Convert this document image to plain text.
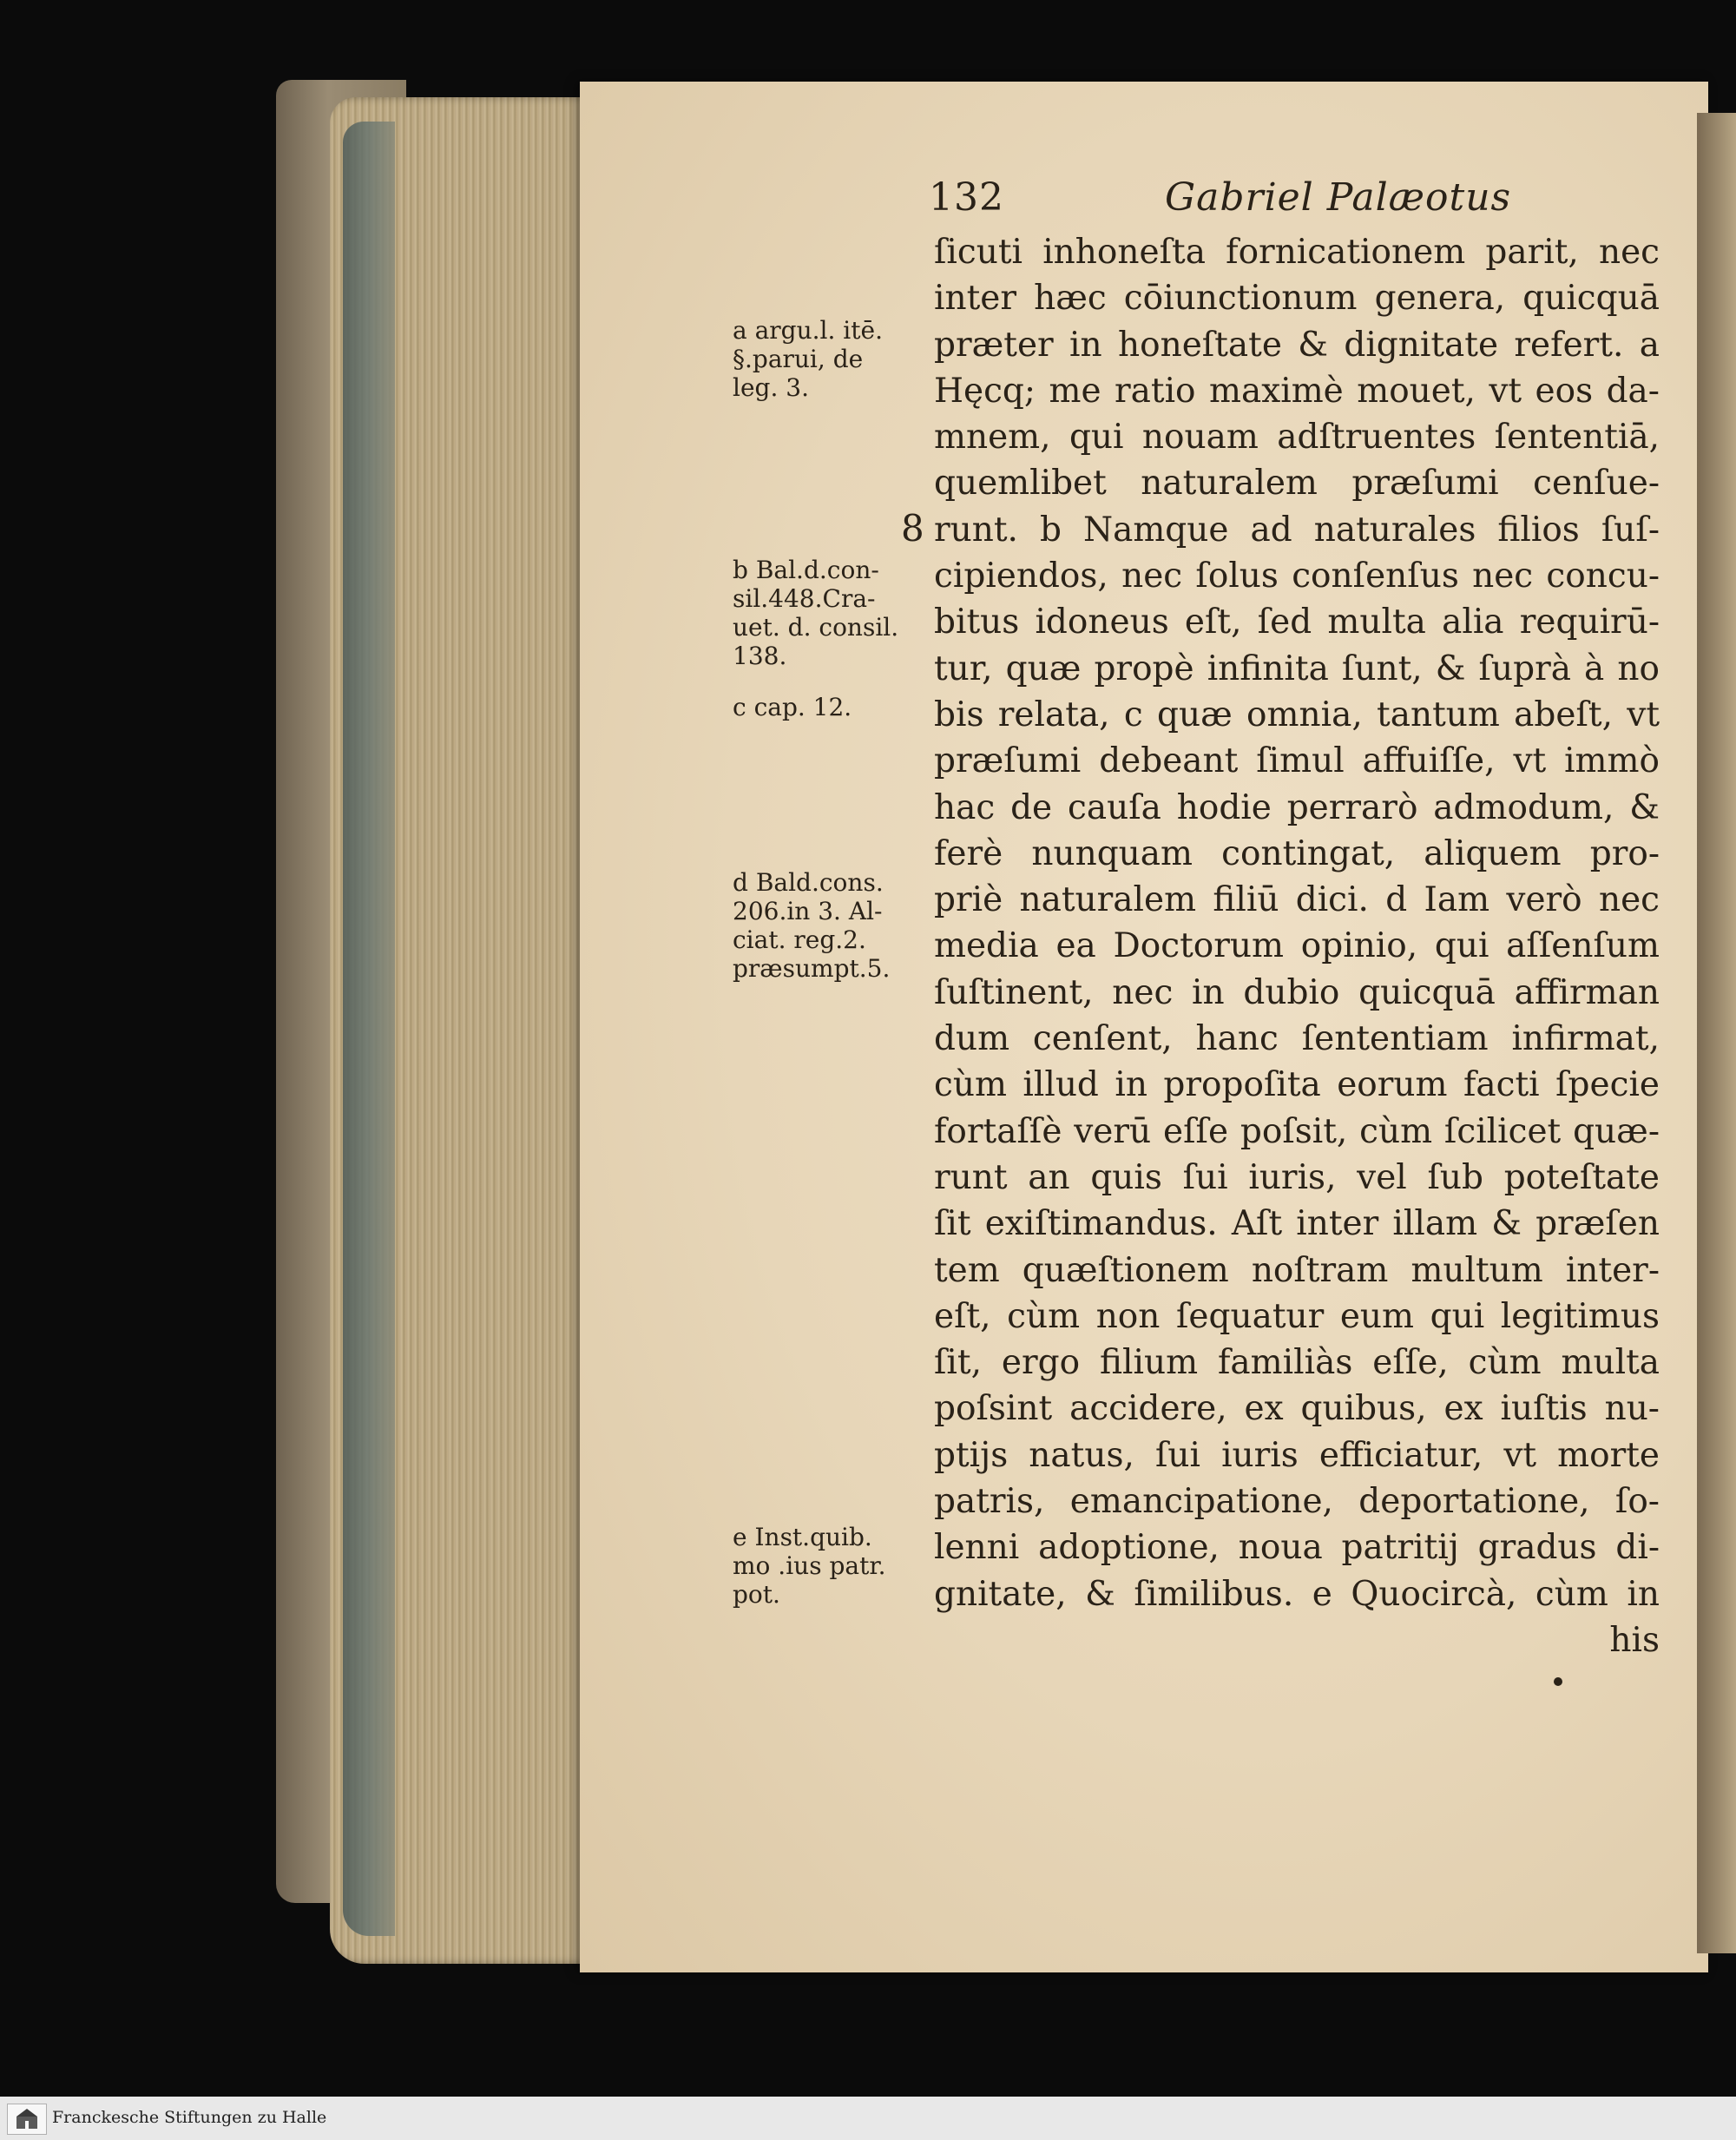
132	Gabriel Palæotus
a argu.l. itē.
§.parui, de
leg. 3.
b Bal.d.con-
sil.448.Cra-
uet. d. consil.
138.
c cap. 12.
d Bald.cons.
206.in 3. Al-
ciat. reg.2.
præsumpt.5.
e Inst.quib.
mo .ius patr.
pot.
8
ſicuti inhoneſta fornicationem parit, nec
inter hæc cōiunctionum genera, quicquā
præter in honeſtate & dignitate refert. a
Hęcq; me ratio maximè mouet, vt eos da-
mnem, qui nouam adſtruentes ſententiā,
quemlibet naturalem præſumi cenſue-
runt. b Namque ad naturales filios ſuſ-
cipiendos, nec ſolus conſenſus nec concu-
bitus idoneus eſt, ſed multa alia requirū-
tur, quæ propè infinita ſunt, & ſuprà à no
bis relata, c quæ omnia, tantum abeſt, vt
præſumi debeant ſimul affuiſſe, vt immò
hac de cauſa hodie perrarò admodum, &
ferè nunquam contingat, aliquem pro-
priè naturalem filiū dici. d Iam verò nec
media ea Doctorum opinio, qui aſſenſum
ſuſtinent, nec in dubio quicquā affirman
dum cenſent, hanc ſententiam infirmat,
cùm illud in propoſita eorum facti ſpecie
fortaſſè verū eſſe poſsit, cùm ſcilicet quæ-
runt an quis ſui iuris, vel ſub poteſtate
ſit exiſtimandus. Aſt inter illam & præſen
tem quæſtionem noſtram multum inter-
eſt, cùm non ſequatur eum qui legitimus
ſit, ergo filium familiàs eſſe, cùm multa
poſsint accidere, ex quibus, ex iuſtis nu-
ptijs natus, ſui iuris efficiatur, vt morte
patris, emancipatione, deportatione, ſo-
lenni adoptione, noua patritij gradus di-
gnitate, & ſimilibus. e Quocircà, cùm in
his
Franckesche Stiftungen zu Halle
